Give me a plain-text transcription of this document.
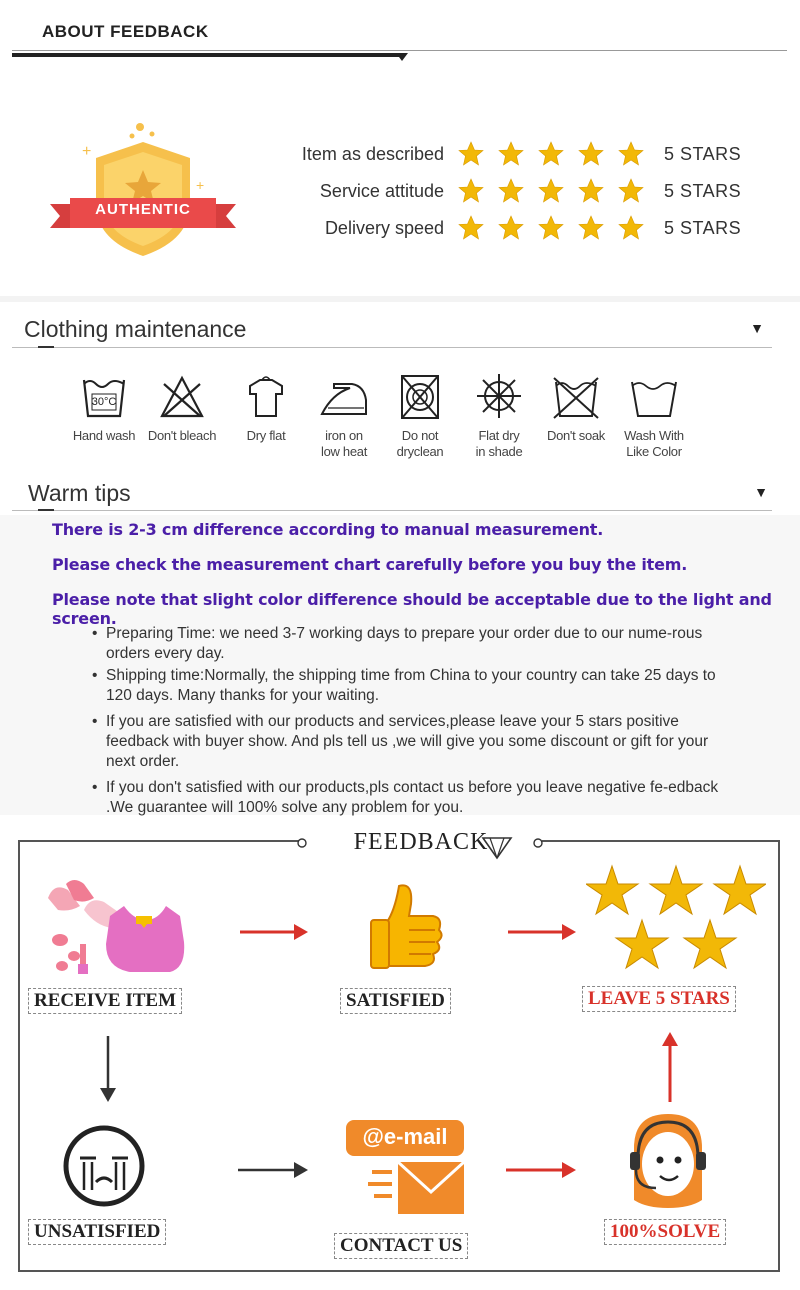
ABOUT FEEDBACK
+
+
AUTHENTIC
Item as described	5 STARS
Service attitude	5 STARS
Delivery speed	5 STARS
Clothing maintenance	▼
30°C
Hand wash Don't bleach	Dry flat	iron on
low heat
Do not
dryclean
Flat dry
in shade
Don't soak	Wash With
Like Color
Warm tips	▼
There is 2-3 cm difference according to manual measurement.
Please check the measurement chart carefully before you buy the item.
Please note that slight color difference should be acceptable due to the light and screen.
• Preparing Time: we need 3-7 working days to prepare your order due to our nume-rous orders every day.
• Shipping time:Normally, the shipping time from China to your country can take 25 days to 120 days. Many thanks for your waiting.
• If you are satisfied with our products and services,please leave your 5 stars positive feedback with buyer show. And pls tell us ,we will give you some discount or gift for your next order.
• If you don't satisfied with our products,pls contact us before you leave negative fe-edback .We guarantee will 100% solve any problem for you.
FEEDBACK
RECEIVE ITEM	SATISFIED	LEAVE 5 STARS
UNSATISFIED
@e-mail
CONTACT US
100%SOLVE
